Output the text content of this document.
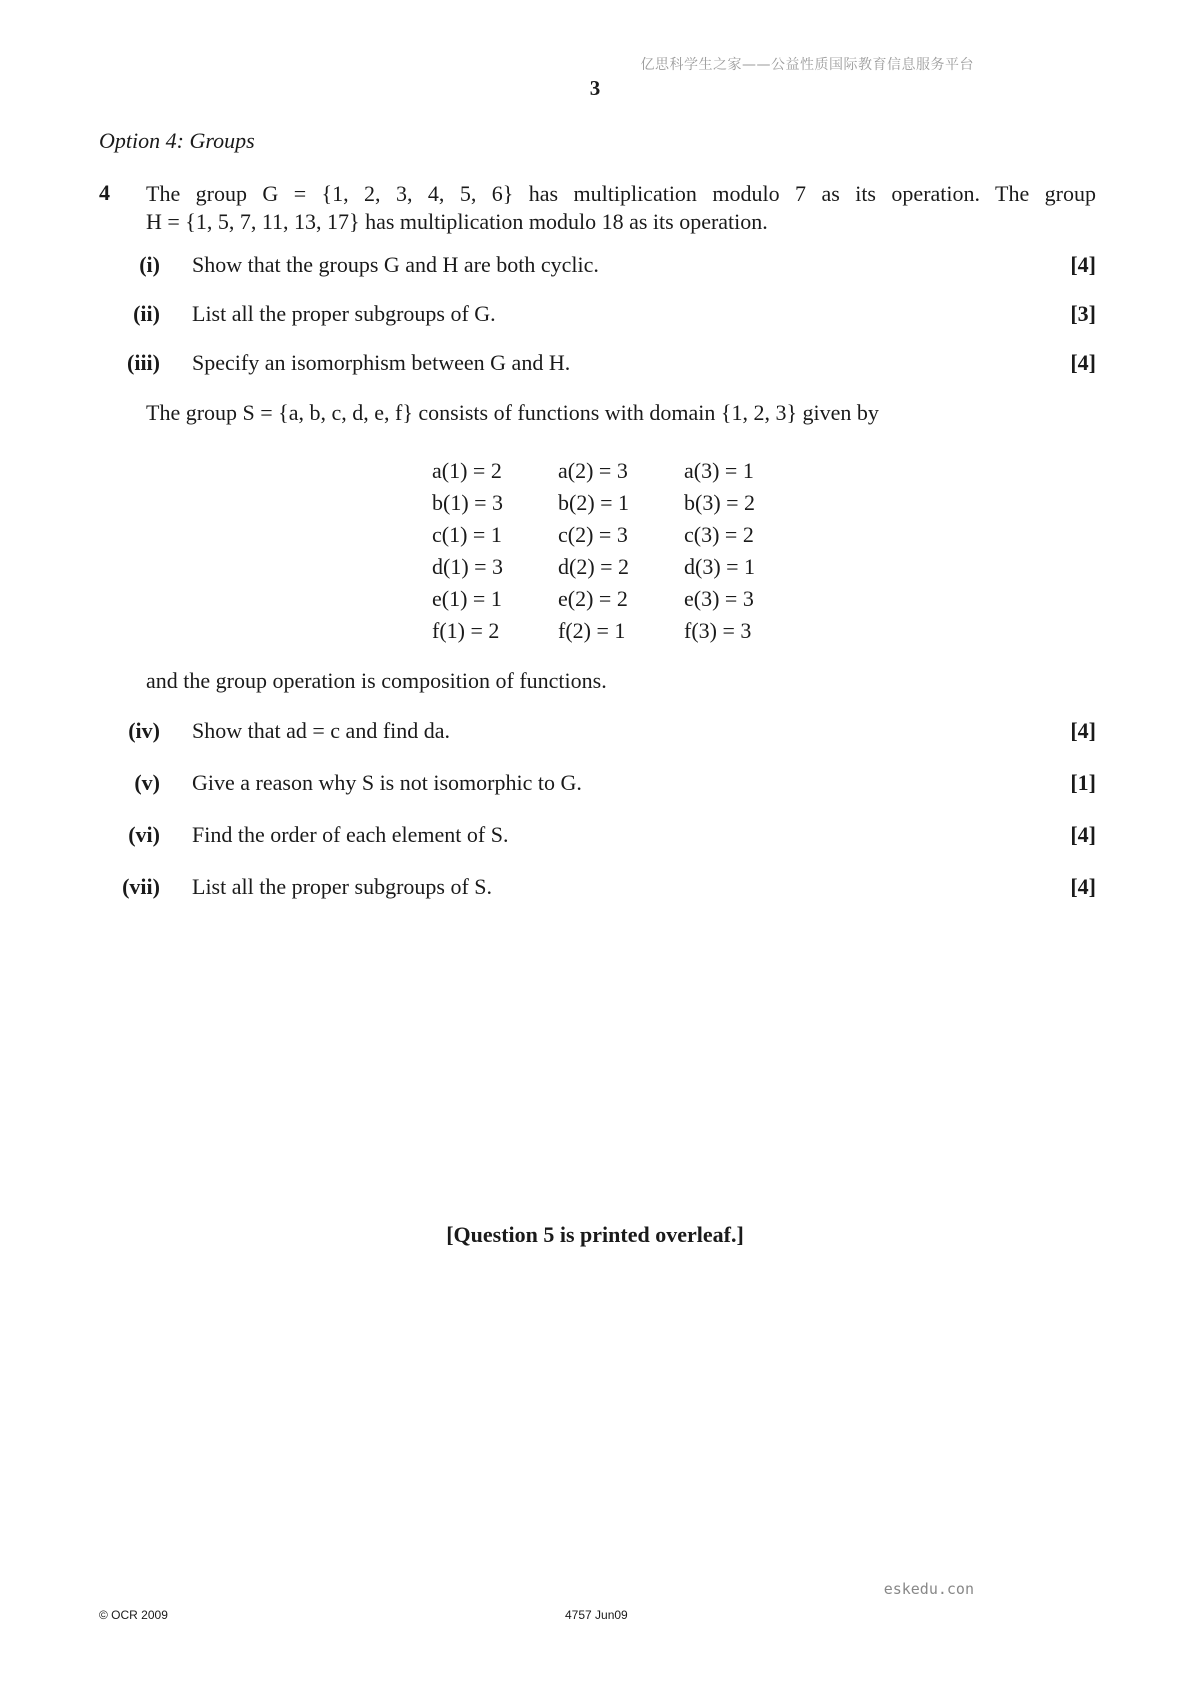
亿思科学生之家——公益性质国际教育信息服务平台
3
Option 4: Groups
4 The group G = {1, 2, 3, 4, 5, 6} has multiplication modulo 7 as its operation. The group
H = {1, 5, 7, 11, 13, 17} has multiplication modulo 18 as its operation.
(i) Show that the groups G and H are both cyclic.	[4]
(ii) List all the proper subgroups of G.	[3]
(iii) Specify an isomorphism between G and H.	[4]
The group S = {a, b, c, d, e, f} consists of functions with domain {1, 2, 3} given by
a(1) = 2	a(2) = 3	a(3) = 1
b(1) = 3 b(2) = 1 b(3) = 2
c(1) = 1	c(2) = 3	c(3) = 2
d(1) = 3 d(2) = 2 d(3) = 1
e(1) = 1	e(2) = 2	e(3) = 3
f(1) = 2	f(2) = 1	f(3) = 3
and the group operation is composition of functions.
(iv) Show that ad = c and find da.	[4]
(v) Give a reason why S is not isomorphic to G.	[1]
(vi) Find the order of each element of S.	[4]
(vii) List all the proper subgroups of S.	[4]
[Question 5 is printed overleaf.]
eskedu.con
© OCR 2009	4757 Jun09
